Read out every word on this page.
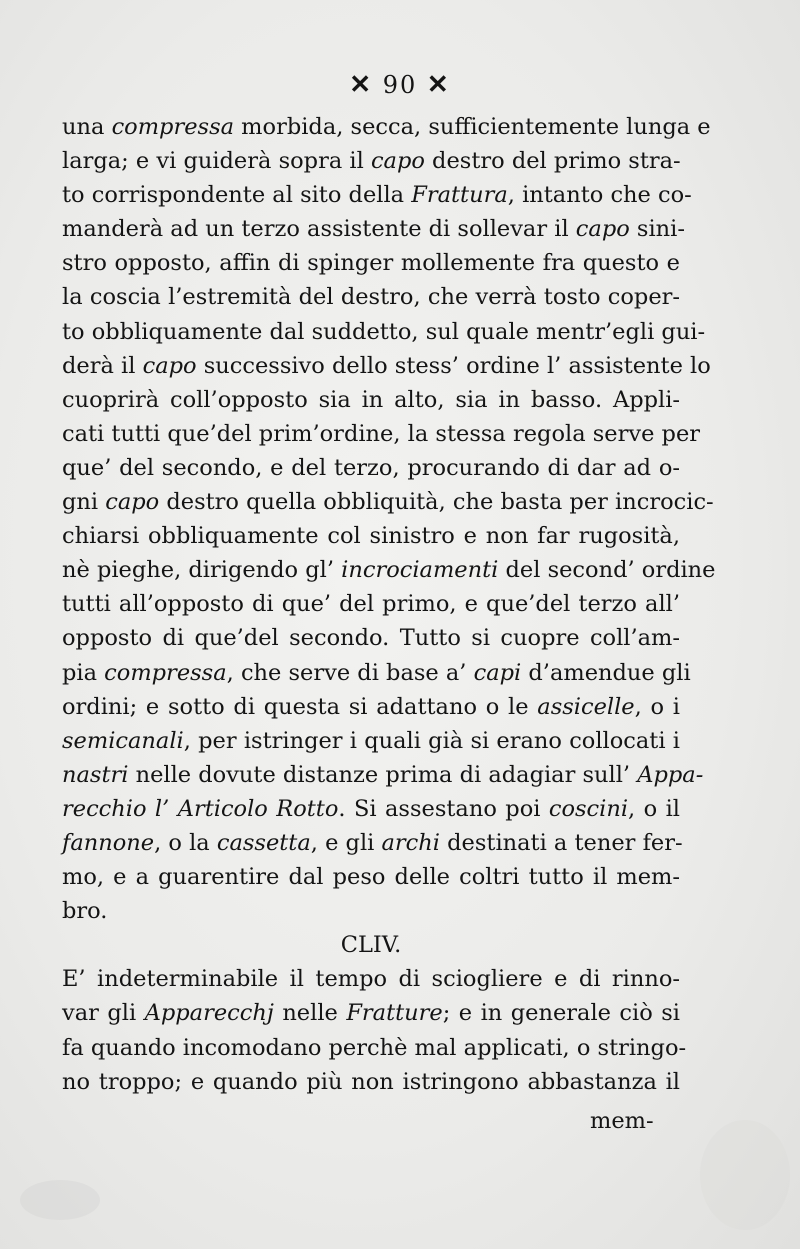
✕ 90 ✕
una compressa morbida, secca, sufficientemente lunga e
larga; e vi guiderà sopra il capo destro del primo stra-
to corrispondente al sito della Frattura, intanto che co-
manderà ad un terzo assistente di sollevar il capo sini-
stro opposto, affin di spinger mollemente fra questo e
la coscia l’estremità del destro, che verrà tosto coper-
to obbliquamente dal suddetto, sul quale mentr’egli gui-
derà il capo successivo dello stess’ ordine l’ assistente lo
cuoprirà coll’opposto sia in alto, sia in basso. Appli-
cati tutti que’del prim’ordine, la stessa regola serve per
que’ del secondo, e del terzo, procurando di dar ad o-
gni capo destro quella obbliquità, che basta per incrocic-
chiarsi obbliquamente col sinistro e non far rugosità,
nè pieghe, dirigendo gl’ incrociamenti del second’ ordine
tutti all’opposto di que’ del primo, e que’del terzo all’
opposto di que’del secondo. Tutto si cuopre coll’am-
pia compressa, che serve di base a’ capi d’amendue gli
ordini; e sotto di questa si adattano o le assicelle, o i
semicanali, per istringer i quali già si erano collocati i
nastri nelle dovute distanze prima di adagiar sull’ Appa-
recchio l’ Articolo Rotto. Si assestano poi coscini, o il
fannone, o la cassetta, e gli archi destinati a tener fer-
mo, e a guarentire dal peso delle coltri tutto il mem-
bro.
CLIV.
E’ indeterminabile il tempo di sciogliere e di rinno-
var gli Apparecchj nelle Fratture; e in generale ciò si
fa quando incomodano perchè mal applicati, o stringo-
no troppo; e quando più non istringono abbastanza il
mem-
